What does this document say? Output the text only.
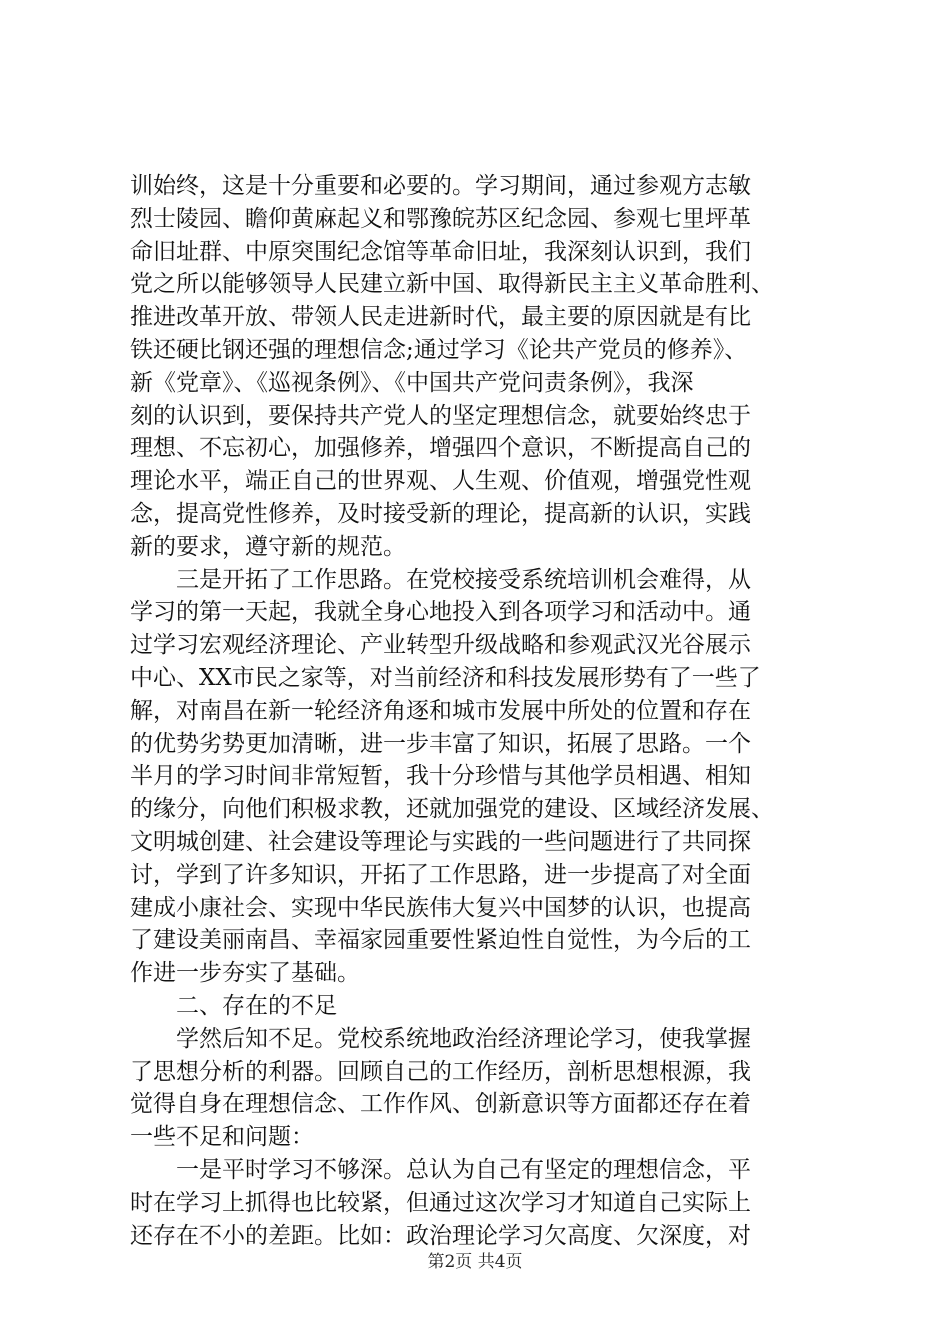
训始终，这是十分重要和必要的。学习期间，通过参观方志敏
烈士陵园、瞻仰黄麻起义和鄂豫皖苏区纪念园、参观七里坪革
命旧址群、中原突围纪念馆等革命旧址，我深刻认识到，我们
党之所以能够领导人民建立新中国、取得新民主主义革命胜利、
推进改革开放、带领人民走进新时代，最主要的原因就是有比
铁还硬比钢还强的理想信念;通过学习《论共产党员的修养》、
新《党章》、《巡视条例》、《中国共产党问责条例》，我深
刻的认识到，要保持共产党人的坚定理想信念，就要始终忠于
理想、不忘初心，加强修养，增强四个意识，不断提高自己的
理论水平，端正自己的世界观、人生观、价值观，增强党性观
念，提高党性修养，及时接受新的理论，提高新的认识，实践
新的要求，遵守新的规范。
　　三是开拓了工作思路。在党校接受系统培训机会难得，从
学习的第一天起，我就全身心地投入到各项学习和活动中。通
过学习宏观经济理论、产业转型升级战略和参观武汉光谷展示
中心、XX市民之家等，对当前经济和科技发展形势有了一些了
解，对南昌在新一轮经济角逐和城市发展中所处的位置和存在
的优势劣势更加清晰，进一步丰富了知识，拓展了思路。一个
半月的学习时间非常短暂，我十分珍惜与其他学员相遇、相知
的缘分，向他们积极求教，还就加强党的建设、区域经济发展、
文明城创建、社会建设等理论与实践的一些问题进行了共同探
讨，学到了许多知识，开拓了工作思路，进一步提高了对全面
建成小康社会、实现中华民族伟大复兴中国梦的认识，也提高
了建设美丽南昌、幸福家园重要性紧迫性自觉性，为今后的工
作进一步夯实了基础。
　　二、存在的不足
　　学然后知不足。党校系统地政治经济理论学习，使我掌握
了思想分析的利器。回顾自己的工作经历，剖析思想根源，我
觉得自身在理想信念、工作作风、创新意识等方面都还存在着
一些不足和问题：
　　一是平时学习不够深。总认为自己有坚定的理想信念，平
时在学习上抓得也比较紧，但通过这次学习才知道自己实际上
还存在不小的差距。比如：政治理论学习欠高度、欠深度，对
第2页 共4页
